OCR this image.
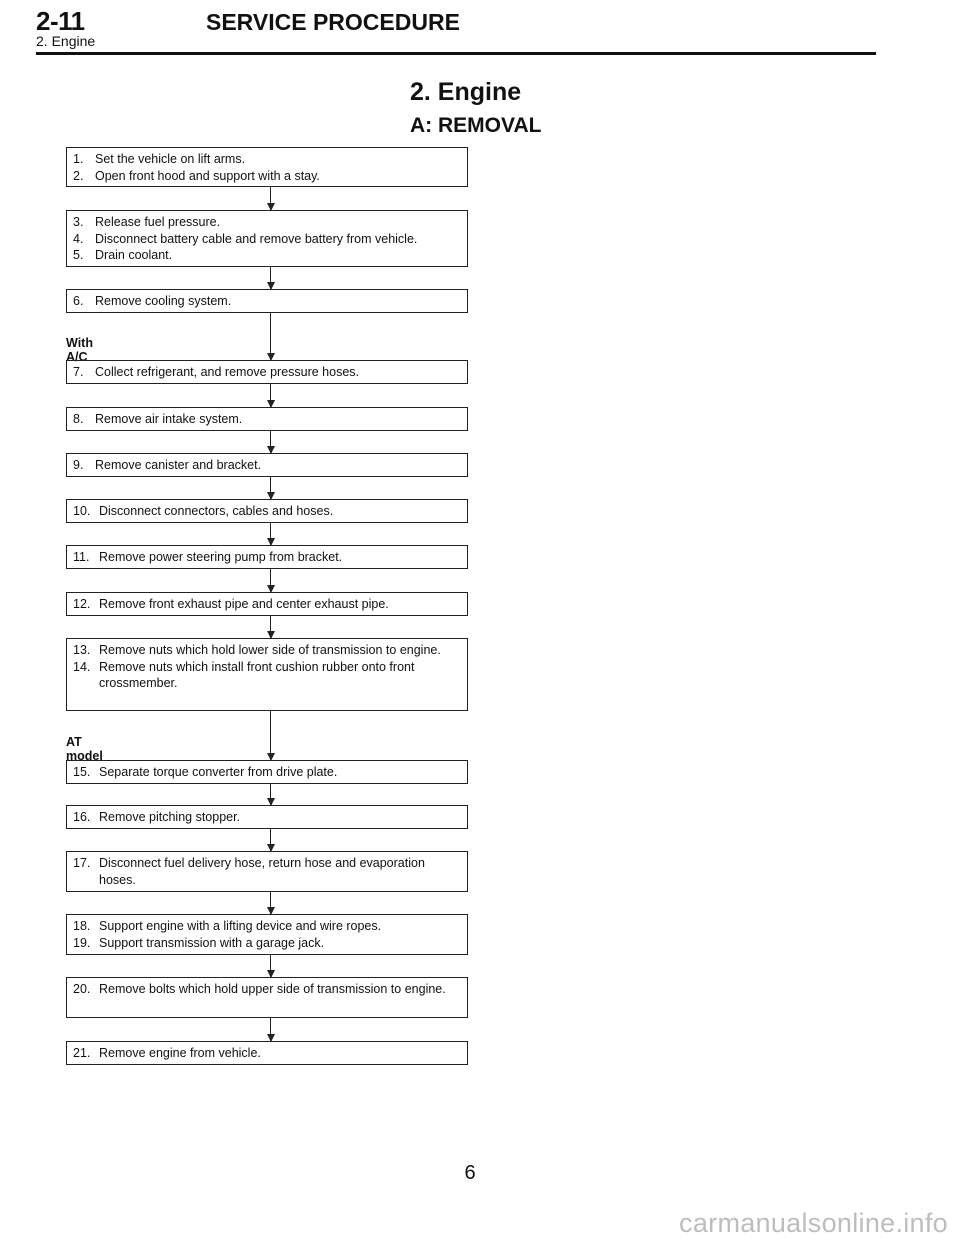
2-11	SERVICE PROCEDURE
2. Engine
2. Engine
A: REMOVAL
With A/C
AT model
1. Set the vehicle on lift arms.
2. Open front hood and support with a stay.
3. Release fuel pressure.
4. Disconnect battery cable and remove battery from vehicle.
5. Drain coolant.
6. Remove cooling system.
7. Collect refrigerant, and remove pressure hoses.
8. Remove air intake system.
9. Remove canister and bracket.
10. Disconnect connectors, cables and hoses.
11. Remove power steering pump from bracket.
12. Remove front exhaust pipe and center exhaust pipe.
13. Remove nuts which hold lower side of transmission to engine.
14. Remove nuts which install front cushion rubber onto front crossmember.
15. Separate torque converter from drive plate.
16. Remove pitching stopper.
17. Disconnect fuel delivery hose, return hose and evaporation hoses.
18. Support engine with a lifting device and wire ropes.
19. Support transmission with a garage jack.
20. Remove bolts which hold upper side of transmission to engine.
21. Remove engine from vehicle.
6
carmanualsonline.info
